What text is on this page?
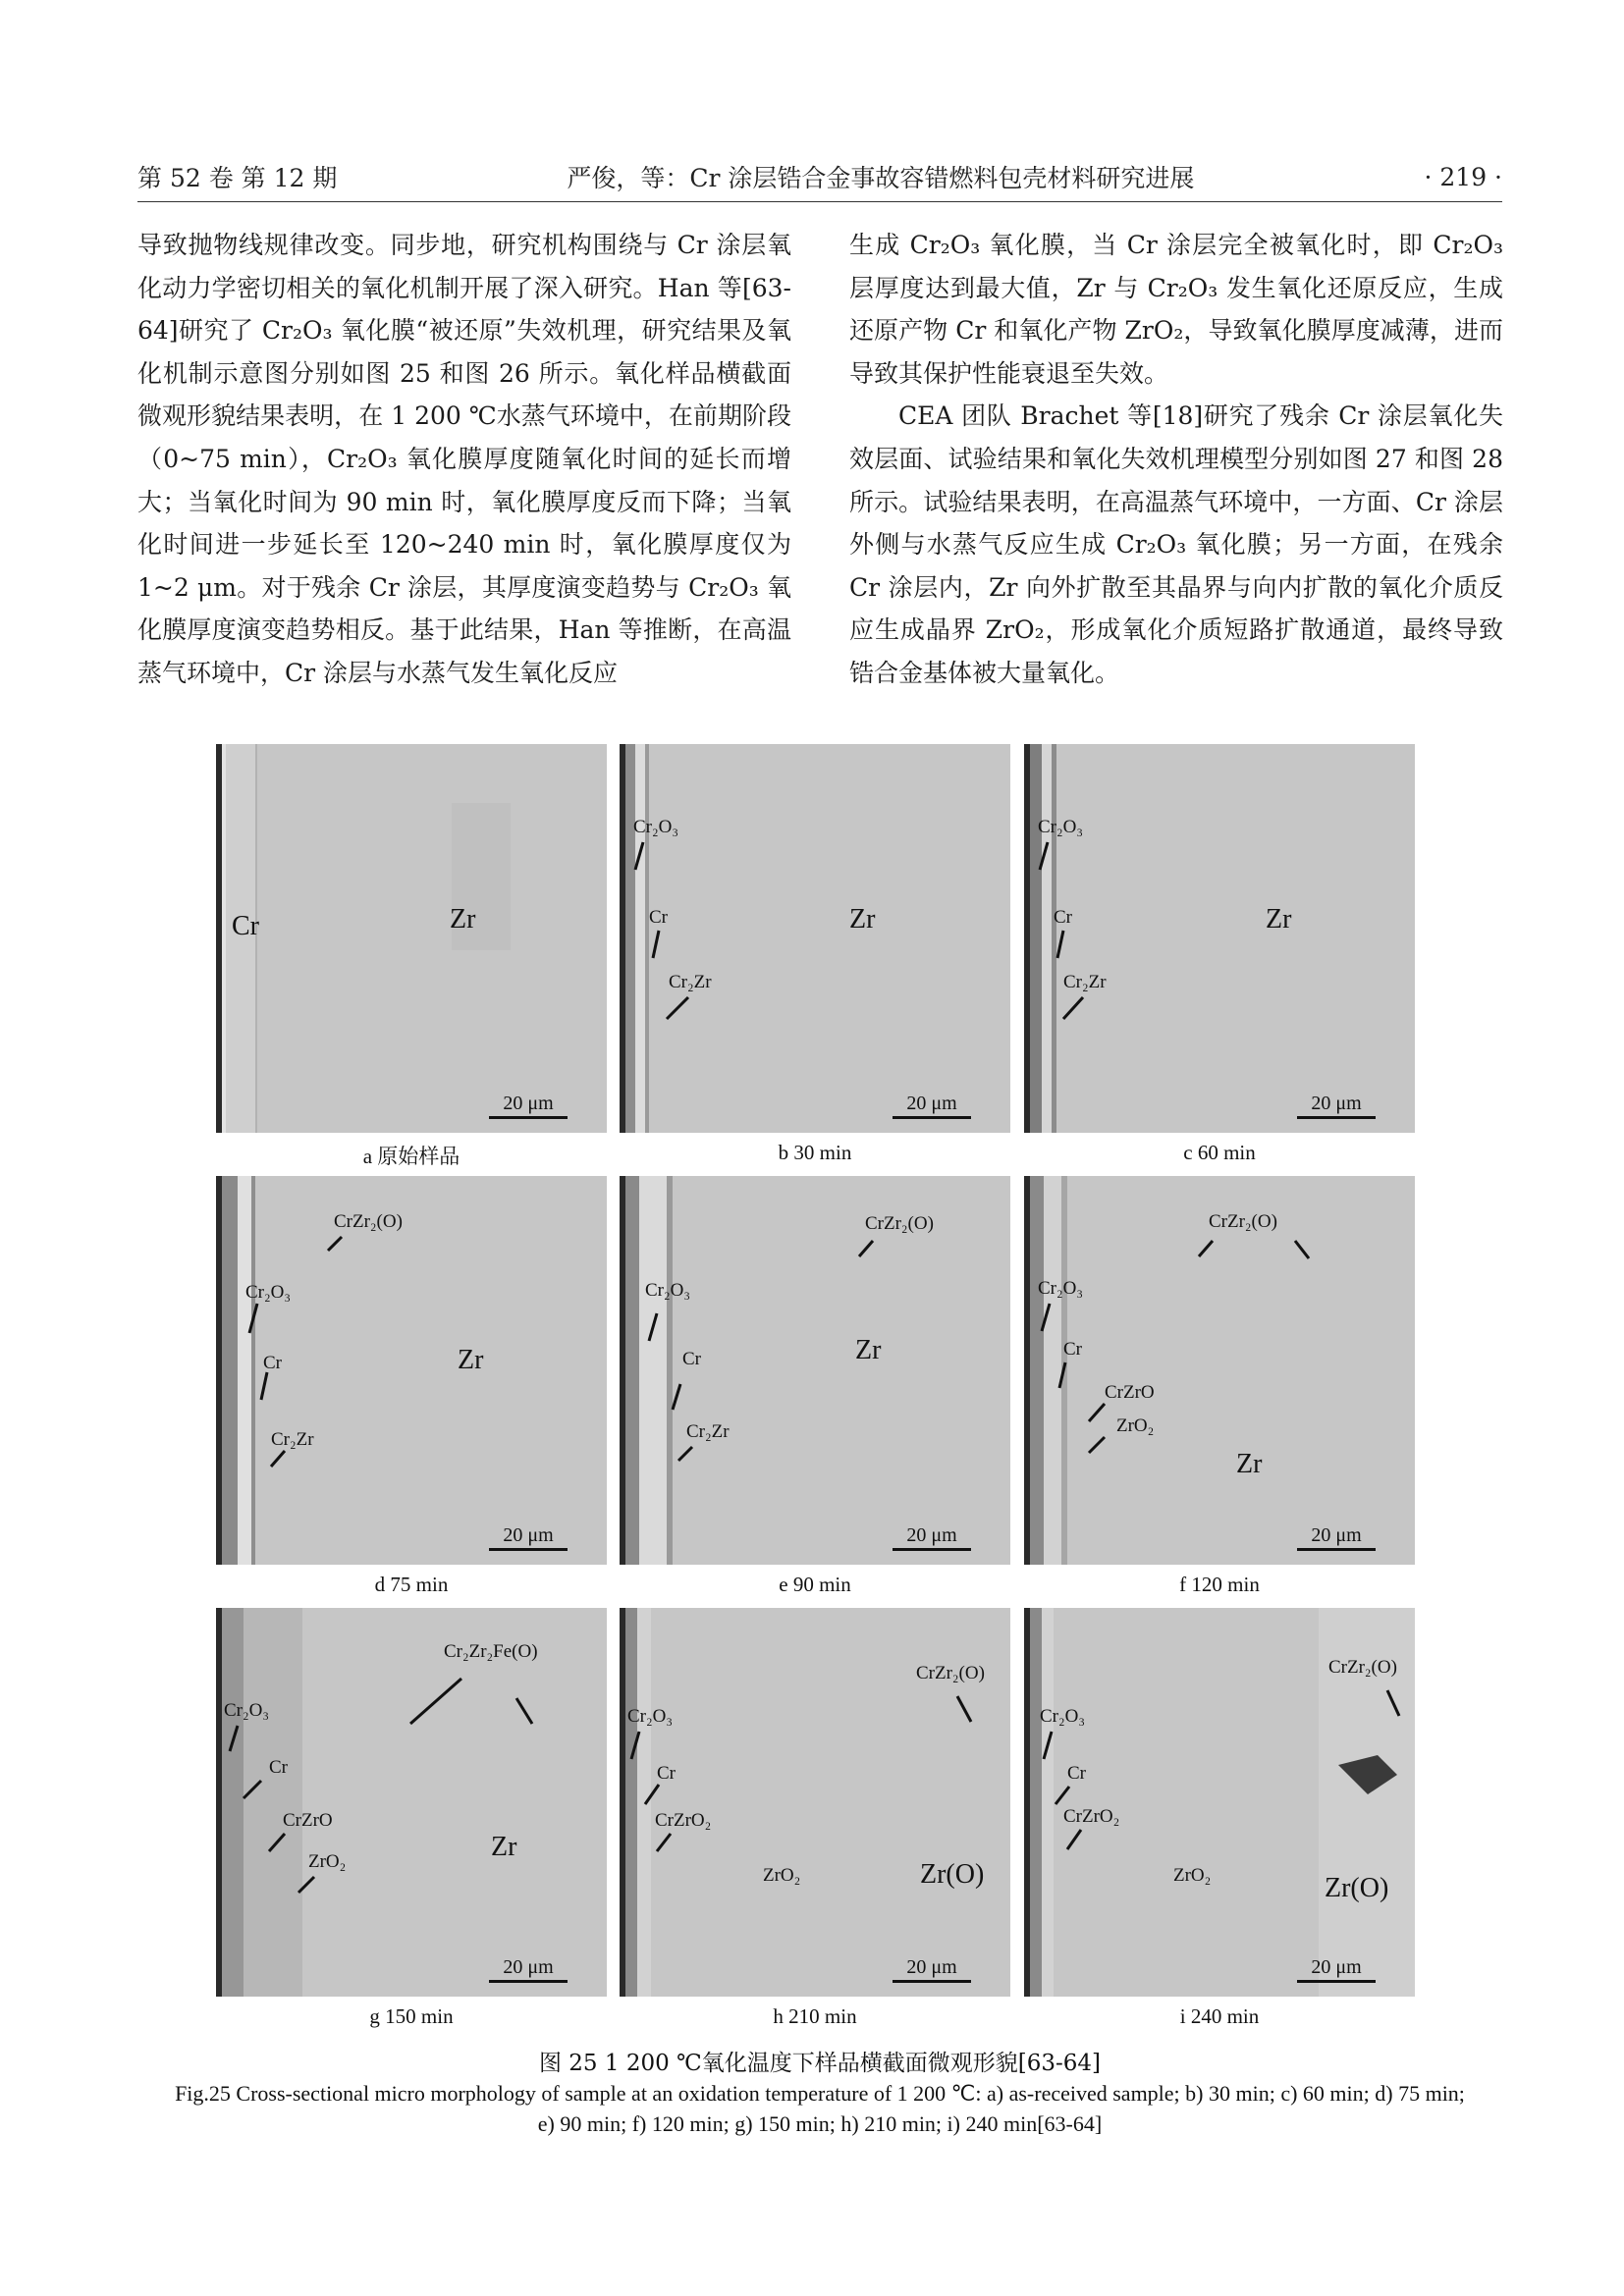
第 52 卷 第 12 期	严俊，等：Cr 涂层锆合金事故容错燃料包壳材料研究进展	· 219 ·

导致抛物线规律改变。同步地，研究机构围绕与 Cr 涂层氧化动力学密切相关的氧化机制开展了深入研究。Han 等[63-64]研究了 Cr₂O₃ 氧化膜“被还原”失效机理，研究结果及氧化机制示意图分别如图 25 和图 26 所示。氧化样品横截面微观形貌结果表明，在 1 200 ℃水蒸气环境中，在前期阶段（0~75 min），Cr₂O₃ 氧化膜厚度随氧化时间的延长而增大；当氧化时间为 90 min 时，氧化膜厚度反而下降；当氧化时间进一步延长至 120~240 min 时，氧化膜厚度仅为 1~2 μm。对于残余 Cr 涂层，其厚度演变趋势与 Cr₂O₃ 氧化膜厚度演变趋势相反。基于此结果，Han 等推断，在高温蒸气环境中，Cr 涂层与水蒸气发生氧化反应

生成 Cr₂O₃ 氧化膜，当 Cr 涂层完全被氧化时，即 Cr₂O₃ 层厚度达到最大值，Zr 与 Cr₂O₃ 发生氧化还原反应，生成还原产物 Cr 和氧化产物 ZrO₂，导致氧化膜厚度减薄，进而导致其保护性能衰退至失效。

CEA 团队 Brachet 等[18]研究了残余 Cr 涂层氧化失效层面、试验结果和氧化失效机理模型分别如图 27 和图 28 所示。试验结果表明，在高温蒸气环境中，一方面、Cr 涂层外侧与水蒸气反应生成 Cr₂O₃ 氧化膜；另一方面，在残余 Cr 涂层内，Zr 向外扩散至其晶界与向内扩散的氧化介质反应生成晶界 ZrO₂，形成氧化介质短路扩散通道，最终导致锆合金基体被大量氧化。

Cr	Zr
20 μm
a 原始样品
Cr₂O₃
Cr
Cr₂Zr
Zr
20 μm
b 30 min
Cr₂O₃
Cr
Cr₂Zr
Zr
20 μm
c 60 min
Cr₂O₃
Cr
Cr₂Zr
CrZr₂(O)
Zr
20 μm
d 75 min
Cr₂O₃
Cr
Cr₂Zr
CrZr₂(O)
Zr
20 μm
e 90 min
Cr₂O₃
Cr
CrZrO
ZrO₂
CrZr₂(O)
Zr
20 μm
f 120 min
Cr₂O₃
Cr
CrZrO
ZrO₂
Cr₂Zr₂Fe(O)
Zr
20 μm
g 150 min
Cr₂O₃
Cr
CrZrO₂
ZrO₂
CrZr₂(O)
Zr(O)
20 μm
h 210 min
Cr₂O₃
Cr
CrZrO₂
ZrO₂
CrZr₂(O)
Zr(O)
20 μm
i 240 min
图 25 1 200 ℃氧化温度下样品横截面微观形貌[63-64]
Fig.25 Cross-sectional micro morphology of sample at an oxidation temperature of 1 200 ℃: a) as-received sample; b) 30 min; c) 60 min; d) 75 min; e) 90 min; f) 120 min; g) 150 min; h) 210 min; i) 240 min[63-64]
